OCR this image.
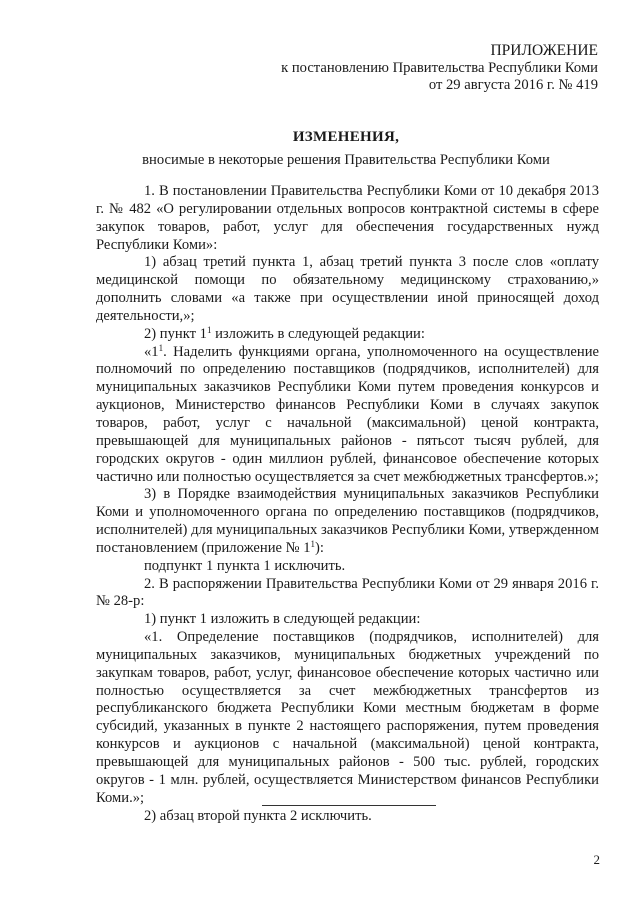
ПРИЛОЖЕНИЕ
к постановлению Правительства Республики Коми
от 29 августа 2016 г. № 419
ИЗМЕНЕНИЯ,
вносимые в некоторые решения Правительства Республики Коми

1. В постановлении Правительства Республики Коми от 10 декабря 2013 г. № 482 «О регулировании отдельных вопросов контрактной системы в сфере закупок товаров, работ, услуг для обеспечения государственных нужд Республики Коми»:

1) абзац третий пункта 1, абзац третий пункта 3 после слов «оплату медицинской помощи по обязательному медицинскому страхованию,» дополнить словами «а также при осуществлении иной приносящей доход деятельности,»;

2) пункт $1^1$ изложить в следующей редакции:

«$1^1$. Наделить функциями органа, уполномоченного на осуществление полномочий по определению поставщиков (подрядчиков, исполнителей) для муниципальных заказчиков Республики Коми путем проведения конкурсов и аукционов, Министерство финансов Республики Коми в случаях закупок товаров, работ, услуг с начальной (максимальной) ценой контракта, превышающей для муниципальных районов - пятьсот тысяч рублей, для городских округов - один миллион рублей, финансовое обеспечение которых частично или полностью осуществляется за счет межбюджетных трансфертов.»;

3) в Порядке взаимодействия муниципальных заказчиков Республики Коми и уполномоченного органа по определению поставщиков (подрядчиков, исполнителей) для муниципальных заказчиков Республики Коми, утвержденном постановлением (приложение № $1^1$):

подпункт 1 пункта 1 исключить.

2. В распоряжении Правительства Республики Коми от 29 января 2016 г. № 28-р:

1) пункт 1 изложить в следующей редакции:

«1. Определение поставщиков (подрядчиков, исполнителей) для муниципальных заказчиков, муниципальных бюджетных учреждений по закупкам товаров, работ, услуг, финансовое обеспечение которых частично или полностью осуществляется за счет межбюджетных трансфертов из республиканского бюджета Республики Коми местным бюджетам в форме субсидий, указанных в пункте 2 настоящего распоряжения, путем проведения конкурсов и аукционов с начальной (максимальной) ценой контракта, превышающей для муниципальных районов - 500 тыс. рублей, городских округов - 1 млн. рублей, осуществляется Министерством финансов Республики Коми.»;

2) абзац второй пункта 2 исключить.

2
